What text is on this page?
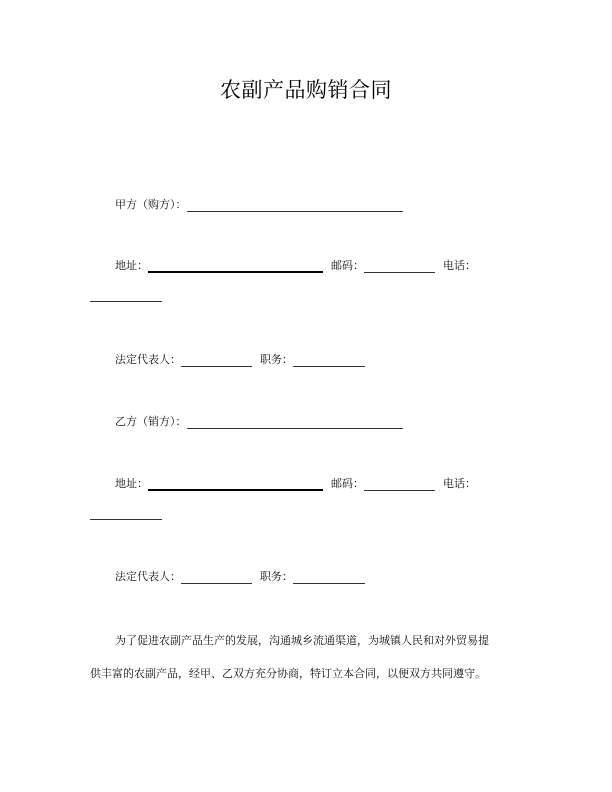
农副产品购销合同
甲方（购方）：
地址：	邮码：	电话：
法定代表人：	职务：
乙方（销方）：
地址：	邮码：	电话：
法定代表人：	职务：
为了促进农副产品生产的发展，沟通城乡流通渠道，为城镇人民和对外贸易提
供丰富的农副产品，经甲、乙双方充分协商，特订立本合同，以便双方共同遵守。
